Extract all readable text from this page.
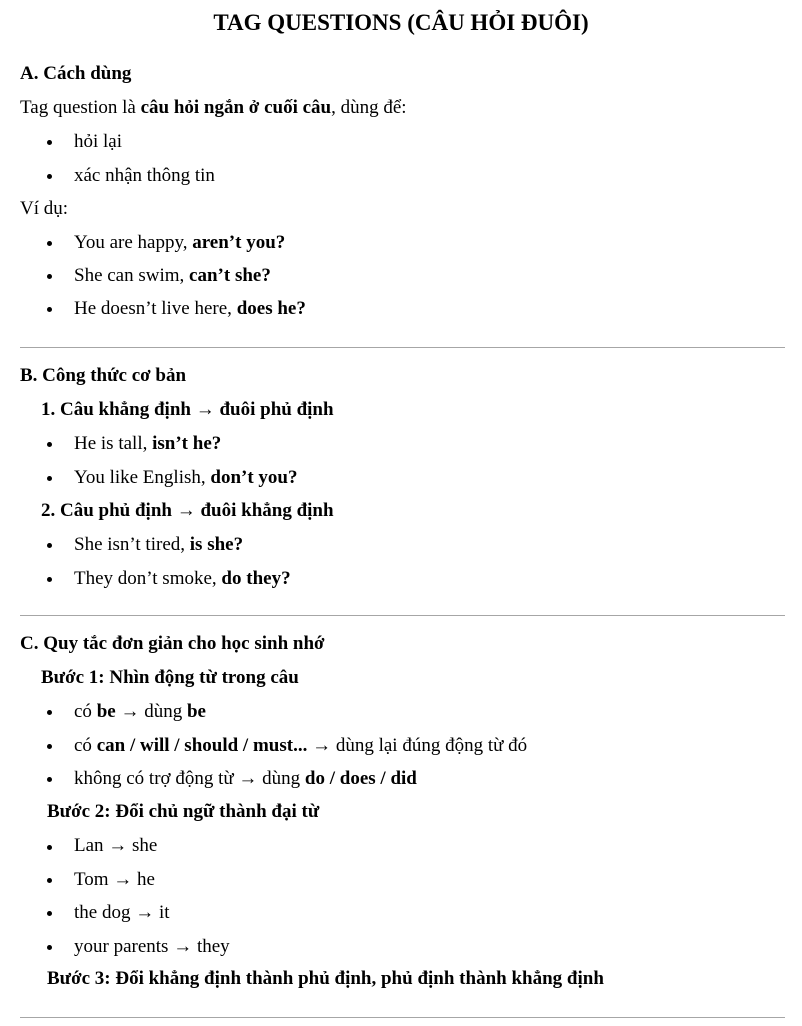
TAG QUESTIONS (CÂU HỎI ĐUÔI)
A. Cách dùng
Tag question là câu hỏi ngắn ở cuối câu, dùng để:
hỏi lại
xác nhận thông tin
Ví dụ:
You are happy, aren’t you?
She can swim, can’t she?
He doesn’t live here, does he?
B. Công thức cơ bản
1. Câu khẳng định → đuôi phủ định
He is tall, isn’t he?
You like English, don’t you?
2. Câu phủ định → đuôi khẳng định
She isn’t tired, is she?
They don’t smoke, do they?
C. Quy tắc đơn giản cho học sinh nhớ
Bước 1: Nhìn động từ trong câu
có be → dùng be
có can / will / should / must... → dùng lại đúng động từ đó
không có trợ động từ → dùng do / does / did
Bước 2: Đổi chủ ngữ thành đại từ
Lan → she
Tom → he
the dog → it
your parents → they
Bước 3: Đổi khẳng định thành phủ định, phủ định thành khẳng định
